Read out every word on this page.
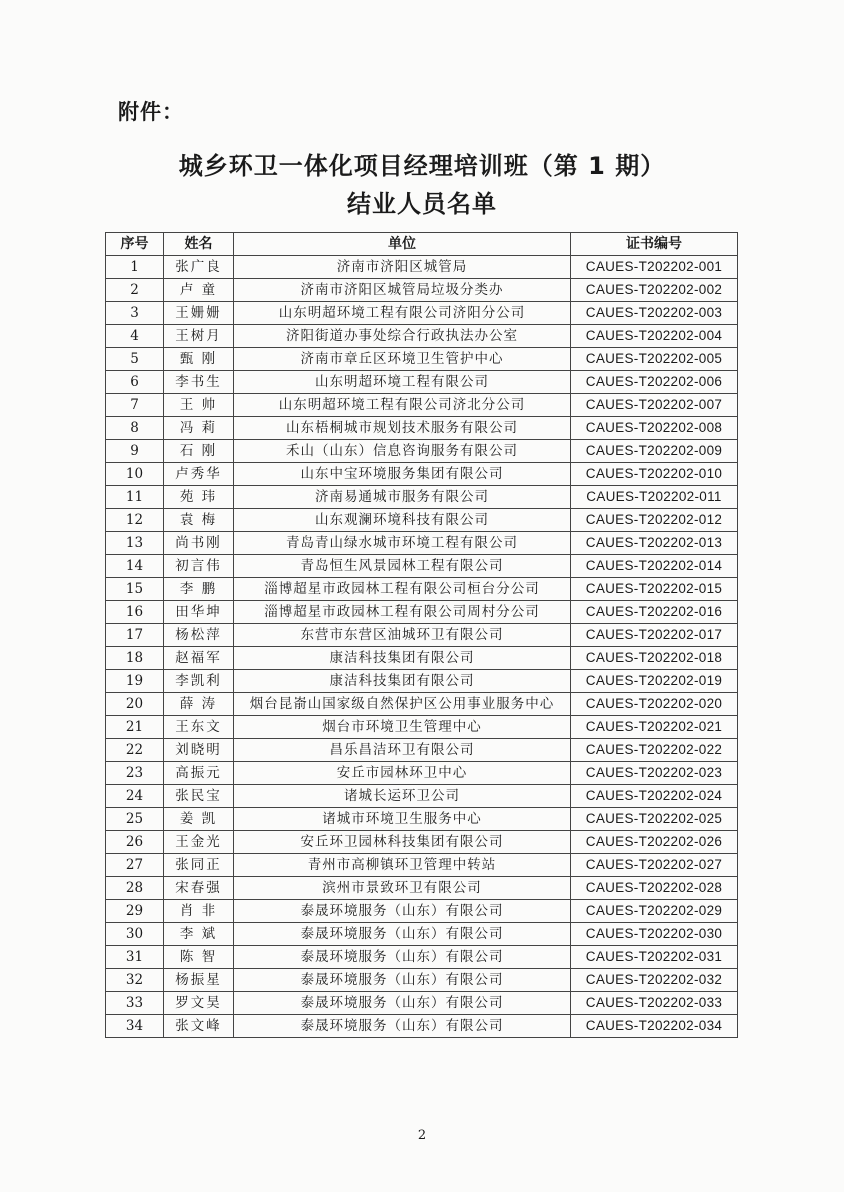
附件：
城乡环卫一体化项目经理培训班（第 1 期）
结业人员名单
序号	姓名	单位	证书编号
1	张广良	济南市济阳区城管局	CAUES-T202202-001
2	卢 童	济南市济阳区城管局垃圾分类办	CAUES-T202202-002
3	王姗姗	山东明超环境工程有限公司济阳分公司	CAUES-T202202-003
4	王树月	济阳街道办事处综合行政执法办公室	CAUES-T202202-004
5	甄 刚	济南市章丘区环境卫生管护中心	CAUES-T202202-005
6	李书生	山东明超环境工程有限公司	CAUES-T202202-006
7	王 帅	山东明超环境工程有限公司济北分公司	CAUES-T202202-007
8	冯 莉	山东梧桐城市规划技术服务有限公司	CAUES-T202202-008
9	石 刚	禾山（山东）信息咨询服务有限公司	CAUES-T202202-009
10	卢秀华	山东中宝环境服务集团有限公司	CAUES-T202202-010
11	苑 玮	济南易通城市服务有限公司	CAUES-T202202-011
12	袁 梅	山东观澜环境科技有限公司	CAUES-T202202-012
13	尚书刚	青岛青山绿水城市环境工程有限公司	CAUES-T202202-013
14	初言伟	青岛恒生风景园林工程有限公司	CAUES-T202202-014
15	李 鹏	淄博超星市政园林工程有限公司桓台分公司	CAUES-T202202-015
16	田华坤	淄博超星市政园林工程有限公司周村分公司	CAUES-T202202-016
17	杨松萍	东营市东营区油城环卫有限公司	CAUES-T202202-017
18	赵福军	康洁科技集团有限公司	CAUES-T202202-018
19	李凯利	康洁科技集团有限公司	CAUES-T202202-019
20	薛 涛	烟台昆嵛山国家级自然保护区公用事业服务中心	CAUES-T202202-020
21	王东文	烟台市环境卫生管理中心	CAUES-T202202-021
22	刘晓明	昌乐昌洁环卫有限公司	CAUES-T202202-022
23	高振元	安丘市园林环卫中心	CAUES-T202202-023
24	张民宝	诸城长运环卫公司	CAUES-T202202-024
25	姜 凯	诸城市环境卫生服务中心	CAUES-T202202-025
26	王金光	安丘环卫园林科技集团有限公司	CAUES-T202202-026
27	张同正	青州市高柳镇环卫管理中转站	CAUES-T202202-027
28	宋春强	滨州市景致环卫有限公司	CAUES-T202202-028
29	肖 非	泰晟环境服务（山东）有限公司	CAUES-T202202-029
30	李 斌	泰晟环境服务（山东）有限公司	CAUES-T202202-030
31	陈 智	泰晟环境服务（山东）有限公司	CAUES-T202202-031
32	杨振星	泰晟环境服务（山东）有限公司	CAUES-T202202-032
33	罗文昊	泰晟环境服务（山东）有限公司	CAUES-T202202-033
34	张文峰	泰晟环境服务（山东）有限公司	CAUES-T202202-034
2
